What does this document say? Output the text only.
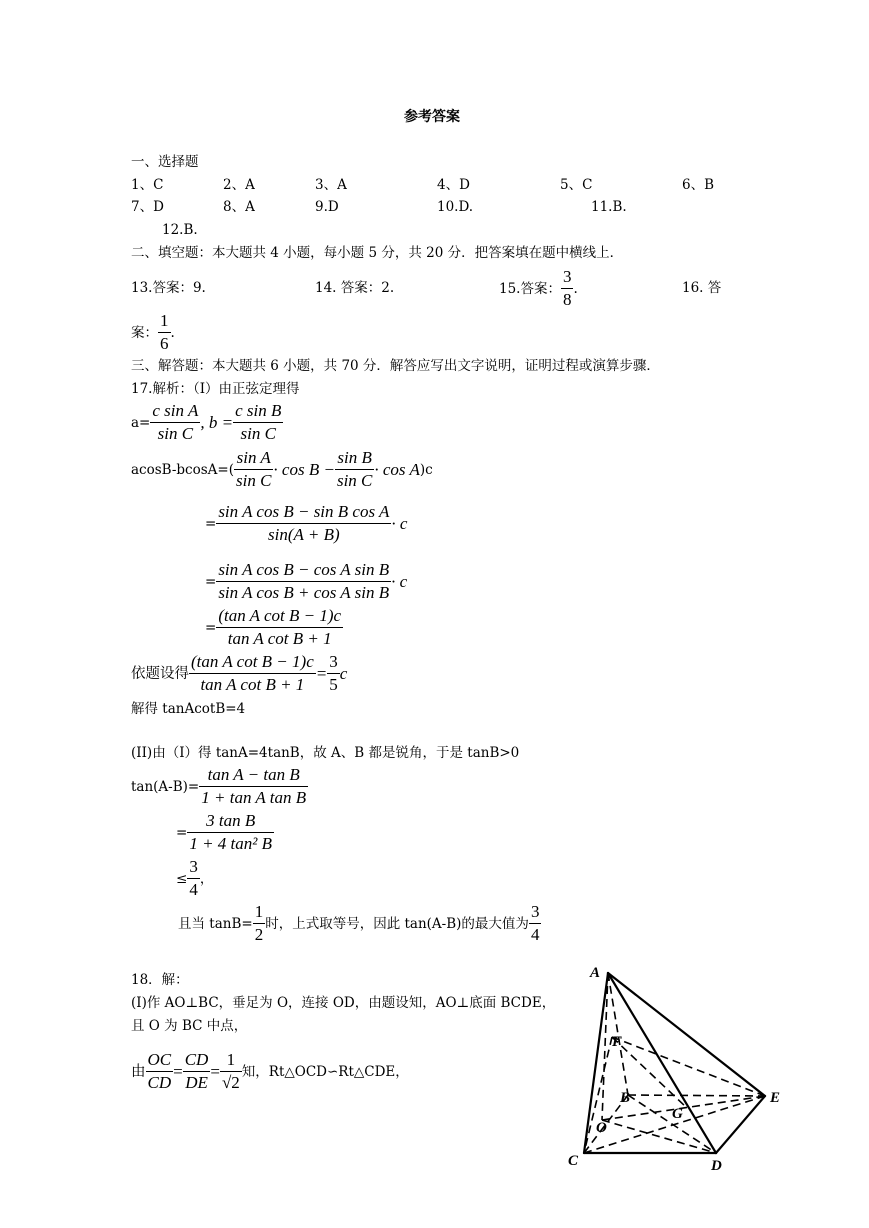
参考答案
一、选择题
1、C	2、A	3、A	4、D	5、C	6、B
7、D	8、A	9.D	10.D.	11.B.
12.B.
二、填空题：本大题共 4 小题，每小题 5 分，共 20 分．把答案填在题中横线上．
13.答案：9.	14. 答案：2.	15.答案： $\frac{3}{8}$ .	16. 答
案： $\frac{1}{6}$ .
三、解答题：本大题共 6 小题，共 70 分．解答应写出文字说明，证明过程或演算步骤．
17.解析：（Ⅰ）由正弦定理得
$a= \frac{\text{c sin A}}{\text{sin C}}$ , $b = \frac{\text{c sin B}}{\text{sin C}}$
$acosB-bcosA=( \frac{\text{sin A}}{\text{sin C}} \cdot \cos B - \frac{\text{sin B}}{\text{sin C}} \cdot \cos A)c$
= $\frac{\text{sin A cos B − sin B cos A}}{\sin(A + B)} \cdot c$
= $\frac{\text{sin A cos B − cos A sin B}}{\text{sin A cos B + cos A sin B}} \cdot c$
= $\frac{\text{(tan A cot B − 1)c}}{\text{tan A cot B + 1}}$
依题设得 $\frac{\text{(tan A cot B − 1)c}}{\text{tan A cot B + 1}} = \frac{3}{5}$ c
解得 tanAcotB=4
(II)由（Ⅰ）得 tanA=4tanB，故 A、B 都是锐角，于是 tanB>0
$\tan(A-B)= \frac{\text{tan A − tan B}}{\text{1 + tan A tan B}}$
= $\frac{\text{3 tan B}}{\text{1 + 4 tan² B}}$
≤ $\frac{3}{4}$ ，
且当 $\tan B= \frac{1}{2}$ 时，上式取等号，因此 tan(A-B)的最大值为 $\frac{3}{4}$
18．解：
(I)作 AO⊥BC，垂足为 O，连接 OD，由题设知，AO⊥底面 BCDE，
且 O 为 BC 中点，
由 $\frac{OC}{CD} = \frac{CD}{DE} = \frac{1}{√2}$ 知，Rt△OCD∽Rt△CDE，
A
F
B
G
E
O
C	D
